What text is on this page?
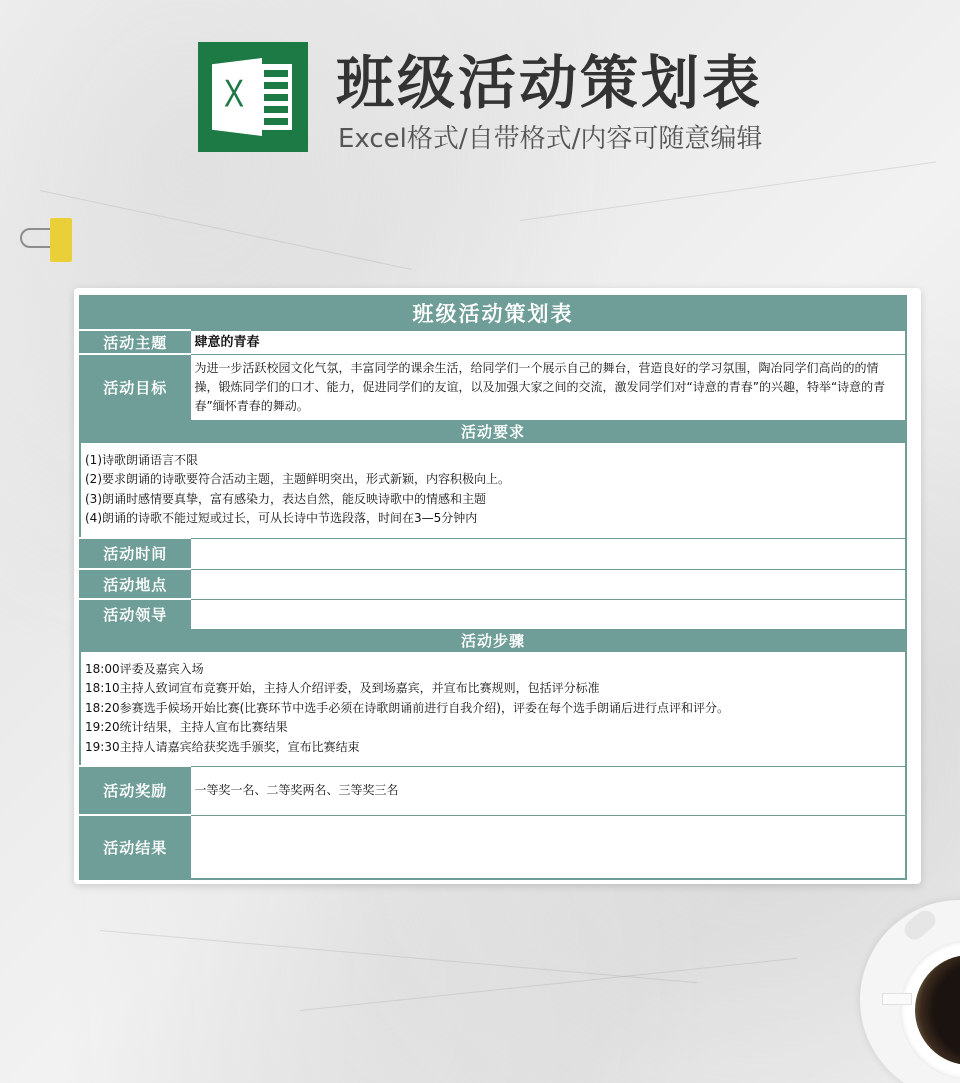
X 班级活动策划表
Excel格式/自带格式/内容可随意编辑
班级活动策划表	
活动主题	肆意的青春
活动目标	为进一步活跃校园文化气氛，丰富同学的课余生活，给同学们一个展示自己的舞台，营造良好的学习氛围，陶冶同学们高尚的的情操，锻炼同学们的口才、能力，促进同学们的友谊，以及加强大家之间的交流，激发同学们对“诗意的青春”的兴趣，特举“诗意的青春”缅怀青春的舞动。
活动要求	

(1)诗歌朗诵语言不限
(2)要求朗诵的诗歌要符合活动主题，主题鲜明突出，形式新颖，内容积极向上。
(3)朗诵时感情要真挚，富有感染力，表达自然，能反映诗歌中的情感和主题
(4)朗诵的诗歌不能过短或过长，可从长诗中节选段落，时间在3—5分钟内	

活动时间	
活动地点	
活动领导	
活动步骤	

18:00评委及嘉宾入场
18:10主持人致词宣布竞赛开始，主持人介绍评委，及到场嘉宾，并宣布比赛规则，包括评分标准
18:20参赛选手候场开始比赛(比赛环节中选手必须在诗歌朗诵前进行自我介绍)，评委在每个选手朗诵后进行点评和评分。
19:20统计结果，主持人宣布比赛结果
19:30主持人请嘉宾给获奖选手颁奖，宣布比赛结束	

活动奖励	一等奖一名、二等奖两名、三等奖三名
活动结果	
